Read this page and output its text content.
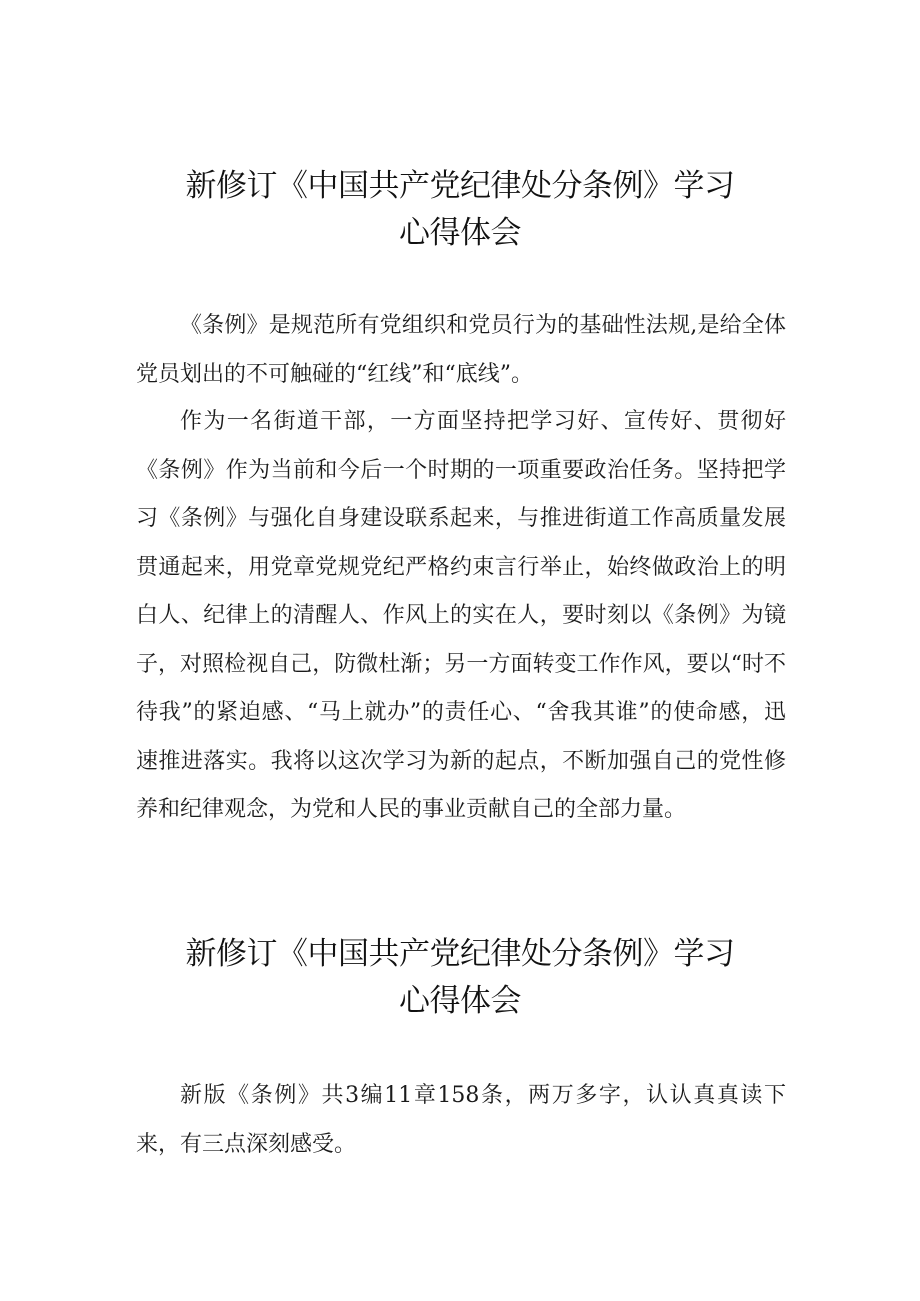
新修订《中国共产党纪律处分条例》学习
心得体会

《条例》是规范所有党组织和党员行为的基础性法规,是给全体党员划出的不可触碰的“红线”和“底线”。

作为一名街道干部，一方面坚持把学习好、宣传好、贯彻好《条例》作为当前和今后一个时期的一项重要政治任务。坚持把学习《条例》与强化自身建设联系起来，与推进街道工作高质量发展贯通起来，用党章党规党纪严格约束言行举止，始终做政治上的明白人、纪律上的清醒人、作风上的实在人，要时刻以《条例》为镜子，对照检视自己，防微杜渐；另一方面转变工作作风，要以“时不待我”的紧迫感、“马上就办”的责任心、“舍我其谁”的使命感，迅速推进落实。我将以这次学习为新的起点，不断加强自己的党性修养和纪律观念，为党和人民的事业贡献自己的全部力量。

新修订《中国共产党纪律处分条例》学习
心得体会

新版《条例》共3编11章158条，两万多字，认认真真读下来，有三点深刻感受。
